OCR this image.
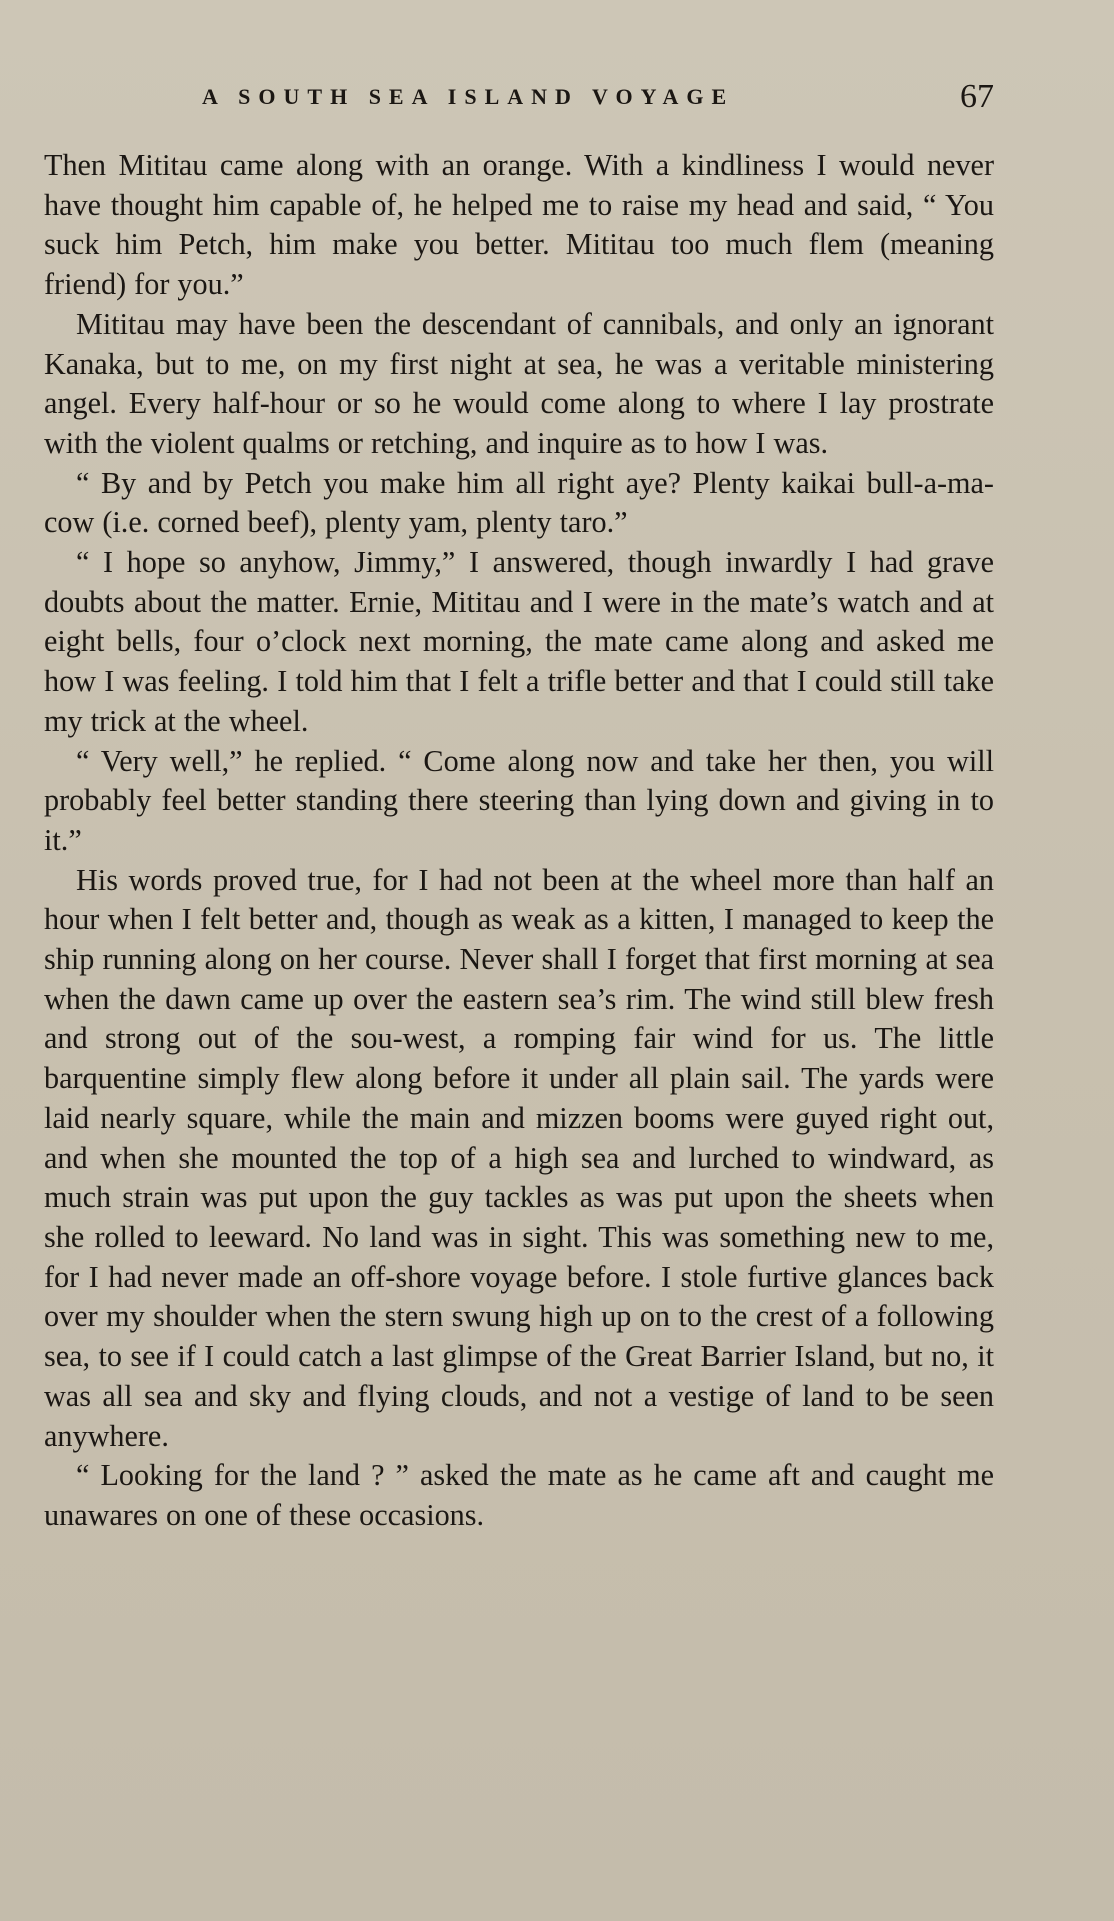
A SOUTH SEA ISLAND VOYAGE	67

Then Mititau came along with an orange. With a kindliness I would never have thought him capable of, he helped me to raise my head and said, “ You suck him Petch, him make you better. Mititau too much flem (meaning friend) for you.”

Mititau may have been the descendant of cannibals, and only an ignorant Kanaka, but to me, on my first night at sea, he was a veritable ministering angel. Every half-hour or so he would come along to where I lay prostrate with the violent qualms or retching, and inquire as to how I was.

“ By and by Petch you make him all right aye? Plenty kaikai bull-a-ma-cow (i.e. corned beef), plenty yam, plenty taro.”

“ I hope so anyhow, Jimmy,” I answered, though inwardly I had grave doubts about the matter. Ernie, Mititau and I were in the mate’s watch and at eight bells, four o’clock next morning, the mate came along and asked me how I was feeling. I told him that I felt a trifle better and that I could still take my trick at the wheel.

“ Very well,” he replied. “ Come along now and take her then, you will probably feel better standing there steering than lying down and giving in to it.”

His words proved true, for I had not been at the wheel more than half an hour when I felt better and, though as weak as a kitten, I managed to keep the ship running along on her course. Never shall I forget that first morning at sea when the dawn came up over the eastern sea’s rim. The wind still blew fresh and strong out of the sou-west, a romping fair wind for us. The little barquentine simply flew along before it under all plain sail. The yards were laid nearly square, while the main and mizzen booms were guyed right out, and when she mounted the top of a high sea and lurched to windward, as much strain was put upon the guy tackles as was put upon the sheets when she rolled to leeward. No land was in sight. This was something new to me, for I had never made an off-shore voyage before. I stole furtive glances back over my shoulder when the stern swung high up on to the crest of a following sea, to see if I could catch a last glimpse of the Great Barrier Island, but no, it was all sea and sky and flying clouds, and not a vestige of land to be seen anywhere.

“ Looking for the land ? ” asked the mate as he came aft and caught me unawares on one of these occasions.
